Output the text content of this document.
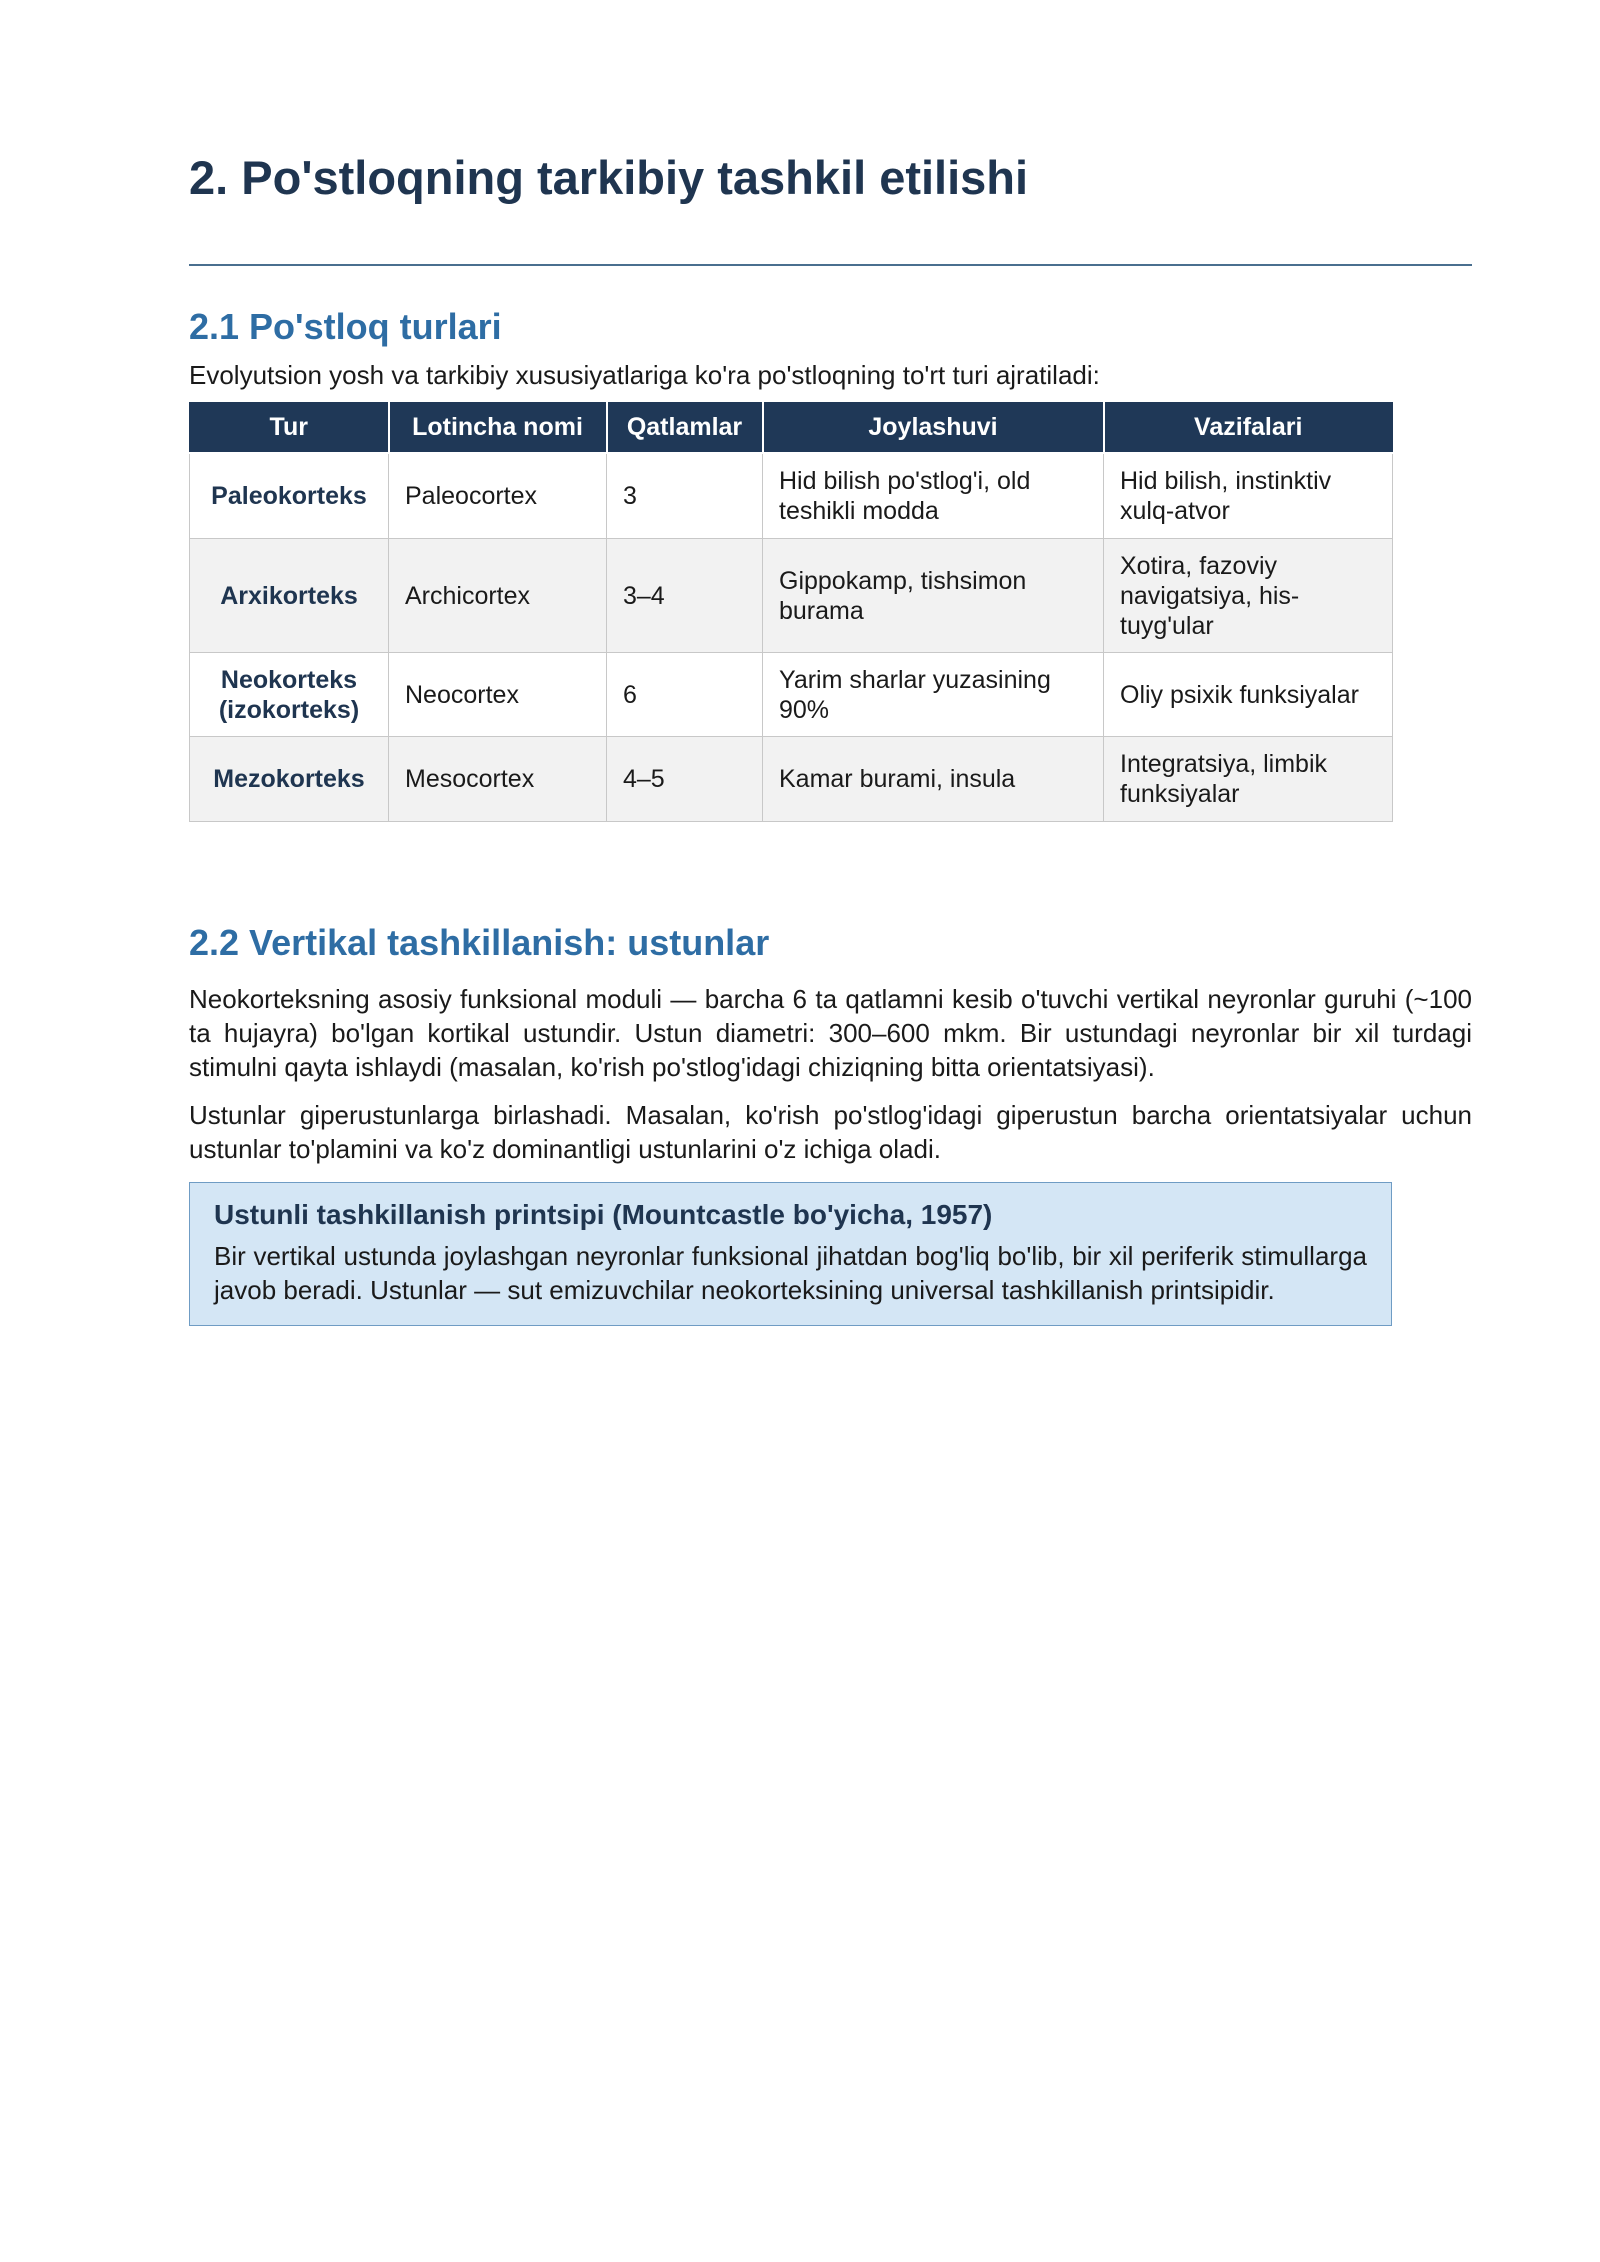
2. Po'stloqning tarkibiy tashkil etilishi
2.1 Po'stloq turlari

Evolyutsion yosh va tarkibiy xususiyatlariga ko'ra po'stloqning to'rt turi ajratiladi:

Tur	Lotincha nomi	Qatlamlar	Joylashuvi	Vazifalari
Paleokorteks	Paleocortex	3	Hid bilish po'stlog'i, old teshikli modda	Hid bilish, instinktiv xulq-atvor
Arxikorteks	Archicortex	3–4	Gippokamp, tishsimon burama	Xotira, fazoviy navigatsiya, his-tuyg'ular
Neokorteks (izokorteks)	Neocortex	6	Yarim sharlar yuzasining 90%	Oliy psixik funksiyalar
Mezokorteks	Mesocortex	4–5	Kamar burami, insula	Integratsiya, limbik funksiyalar
2.2 Vertikal tashkillanish: ustunlar

Neokorteksning asosiy funksional moduli — barcha 6 ta qatlamni kesib o'tuvchi vertikal neyronlar guruhi (~100 ta hujayra) bo'lgan kortikal ustundir. Ustun diametri: 300–600 mkm. Bir ustundagi neyronlar bir xil turdagi stimulni qayta ishlaydi (masalan, ko'rish po'stlog'idagi chiziqning bitta orientatsiyasi).

Ustunlar giperustunlarga birlashadi. Masalan, ko'rish po'stlog'idagi giperustun barcha orientatsiyalar uchun ustunlar to'plamini va ko'z dominantligi ustunlarini o'z ichiga oladi.

Ustunli tashkillanish printsipi (Mountcastle bo'yicha, 1957)
Bir vertikal ustunda joylashgan neyronlar funksional jihatdan bog'liq bo'lib, bir xil periferik stimullarga javob beradi. Ustunlar — sut emizuvchilar neokorteksining universal tashkillanish printsipidir.
